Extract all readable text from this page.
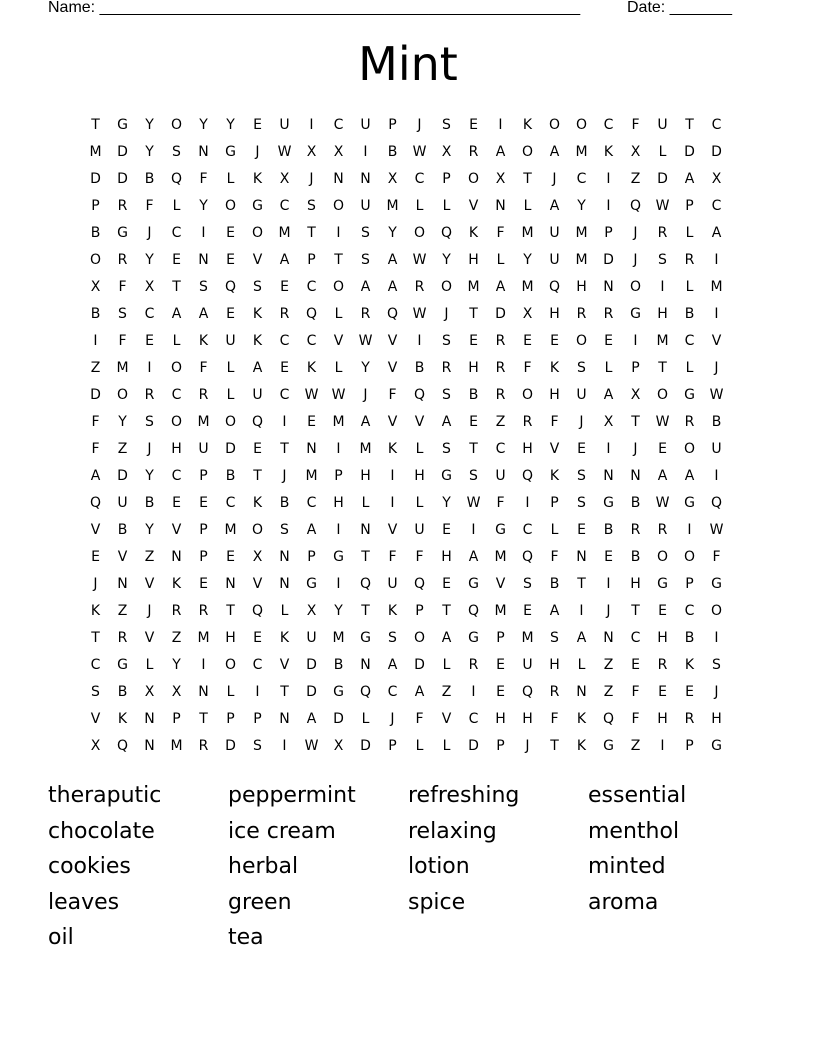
Name: ______________________________________________________	Date: _______
Mint
T	G	Y	O	Y	Y	E	U	I	C	U	P	J	S	E	I	K	O	O	C	F	U	T	C
M	D	Y	S	N	G	J	W	X	X	I	B	W	X	R	A	O	A	M	K	X	L	D	D
D	D	B	Q	F	L	K	X	J	N	N	X	C	P	O	X	T	J	C	I	Z	D	A	X
P	R	F	L	Y	O	G	C	S	O	U	M	L	L	V	N	L	A	Y	I	Q	W	P	C
B	G	J	C	I	E	O	M	T	I	S	Y	O	Q	K	F	M	U	M	P	J	R	L	A
O	R	Y	E	N	E	V	A	P	T	S	A	W	Y	H	L	Y	U	M	D	J	S	R	I
X	F	X	T	S	Q	S	E	C	O	A	A	R	O	M	A	M	Q	H	N	O	I	L	M
B	S	C	A	A	E	K	R	Q	L	R	Q	W	J	T	D	X	H	R	R	G	H	B	I
I	F	E	L	K	U	K	C	C	V	W	V	I	S	E	R	E	E	O	E	I	M	C	V
Z	M	I	O	F	L	A	E	K	L	Y	V	B	R	H	R	F	K	S	L	P	T	L	J
D	O	R	C	R	L	U	C	W W	J	F	Q	S	B	R	O	H	U	A	X	O	G	W
F	Y	S	O	M	O	Q	I	E	M	A	V	V	A	E	Z	R	F	J	X	T	W	R	B
F	Z	J	H	U	D	E	T	N	I	M	K	L	S	T	C	H	V	E	I	J	E	O	U
A	D	Y	C	P	B	T	J	M	P	H	I	H	G	S	U	Q	K	S	N	N	A	A	I
Q	U	B	E	E	C	K	B	C	H	L	I	L	Y	W	F	I	P	S	G	B	W	G	Q
V	B	Y	V	P	M	O	S	A	I	N	V	U	E	I	G	C	L	E	B	R	R	I	W
E	V	Z	N	P	E	X	N	P	G	T	F	F	H	A	M	Q	F	N	E	B	O	O	F
J	N	V	K	E	N	V	N	G	I	Q	U	Q	E	G	V	S	B	T	I	H	G	P	G
K	Z	J	R	R	T	Q	L	X	Y	T	K	P	T	Q	M	E	A	I	J	T	E	C	O
T	R	V	Z	M	H	E	K	U	M	G	S	O	A	G	P	M	S	A	N	C	H	B	I
C	G	L	Y	I	O	C	V	D	B	N	A	D	L	R	E	U	H	L	Z	E	R	K	S
S	B	X	X	N	L	I	T	D	G	Q	C	A	Z	I	E	Q	R	N	Z	F	E	E	J
V	K	N	P	T	P	P	N	A	D	L	J	F	V	C	H	H	F	K	Q	F	H	R	H
X	Q	N	M	R	D	S	I	W	X	D	P	L	L	D	P	J	T	K	G	Z	I	P	G
theraputic	peppermint	refreshing	essential
chocolate	ice cream	relaxing	menthol
cookies	herbal	lotion	minted
leaves	green	spice	aroma
oil	tea
